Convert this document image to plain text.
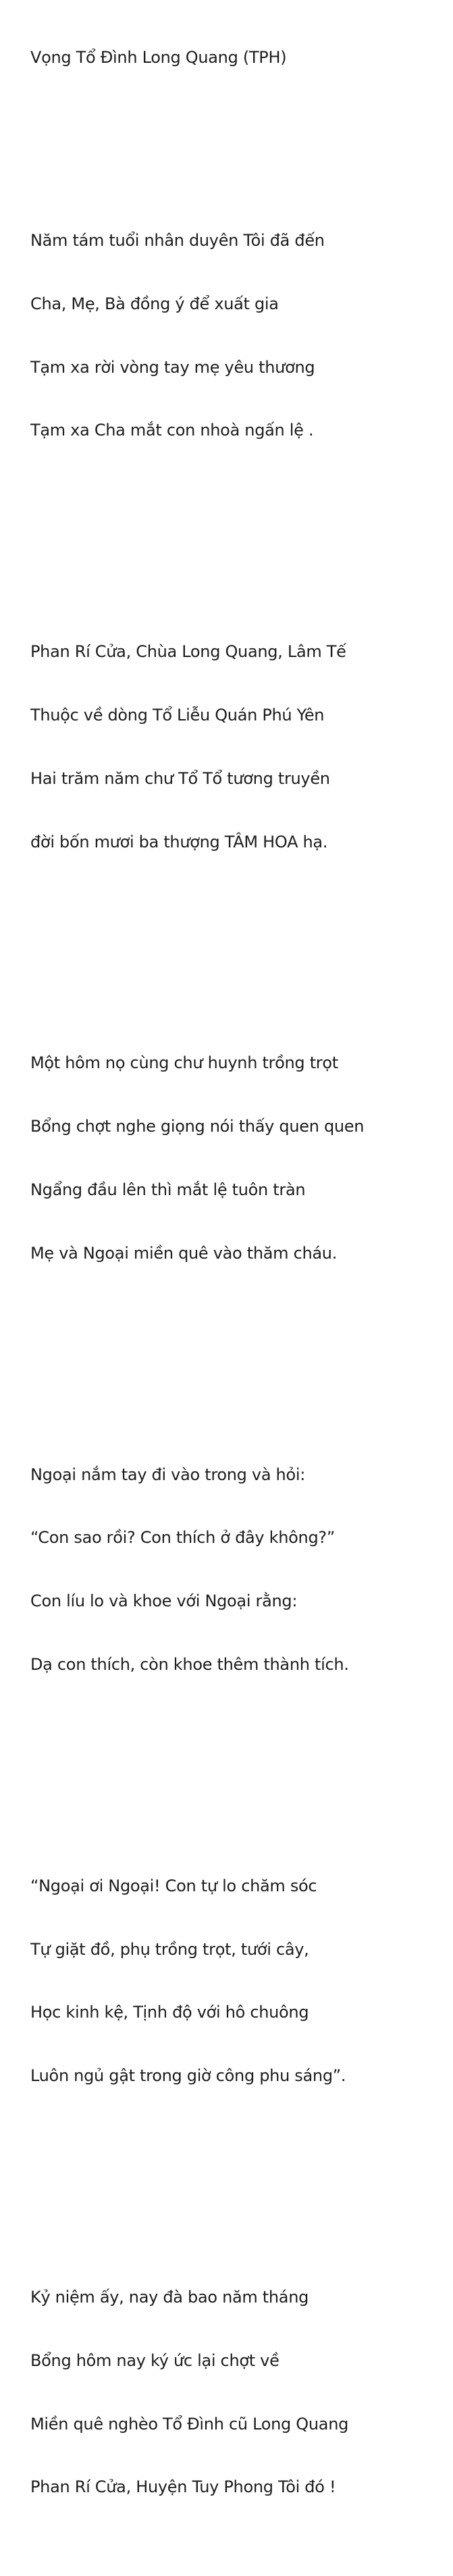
Vọng Tổ Đình Long Quang (TPH)

Năm tám tuổi nhân duyên Tôi đã đến

Cha, Mẹ, Bà đồng ý để xuất gia

Tạm xa rời vòng tay mẹ yêu thương

Tạm xa Cha mắt con nhoà ngấn lệ .

Phan Rí Cửa, Chùa Long Quang, Lâm Tế

Thuộc về dòng Tổ Liễu Quán Phú Yên

Hai trăm năm chư Tổ Tổ tương truyền

đời bốn mươi ba thượng TÂM HOA hạ.

Một hôm nọ cùng chư huynh trồng trọt

Bổng chợt nghe giọng nói thấy quen quen

Ngẩng đầu lên thì mắt lệ tuôn tràn

Mẹ và Ngoại miền quê vào thăm cháu.

Ngoại nắm tay đi vào trong và hỏi:

“Con sao rồi? Con thích ở đây không?”

Con líu lo và khoe với Ngoại rằng:

Dạ con thích, còn khoe thêm thành tích.

“Ngoại ơi Ngoại! Con tự lo chăm sóc

Tự giặt đồ, phụ trồng trọt, tưới cây,

Học kinh kệ, Tịnh độ với hô chuông

Luôn ngủ gật trong giờ công phu sáng”.

Kỷ niệm ấy, nay đà bao năm tháng

Bổng hôm nay ký ức lại chợt về

Miền quê nghèo Tổ Đình cũ Long Quang

Phan Rí Cửa, Huyện Tuy Phong Tôi đó !
